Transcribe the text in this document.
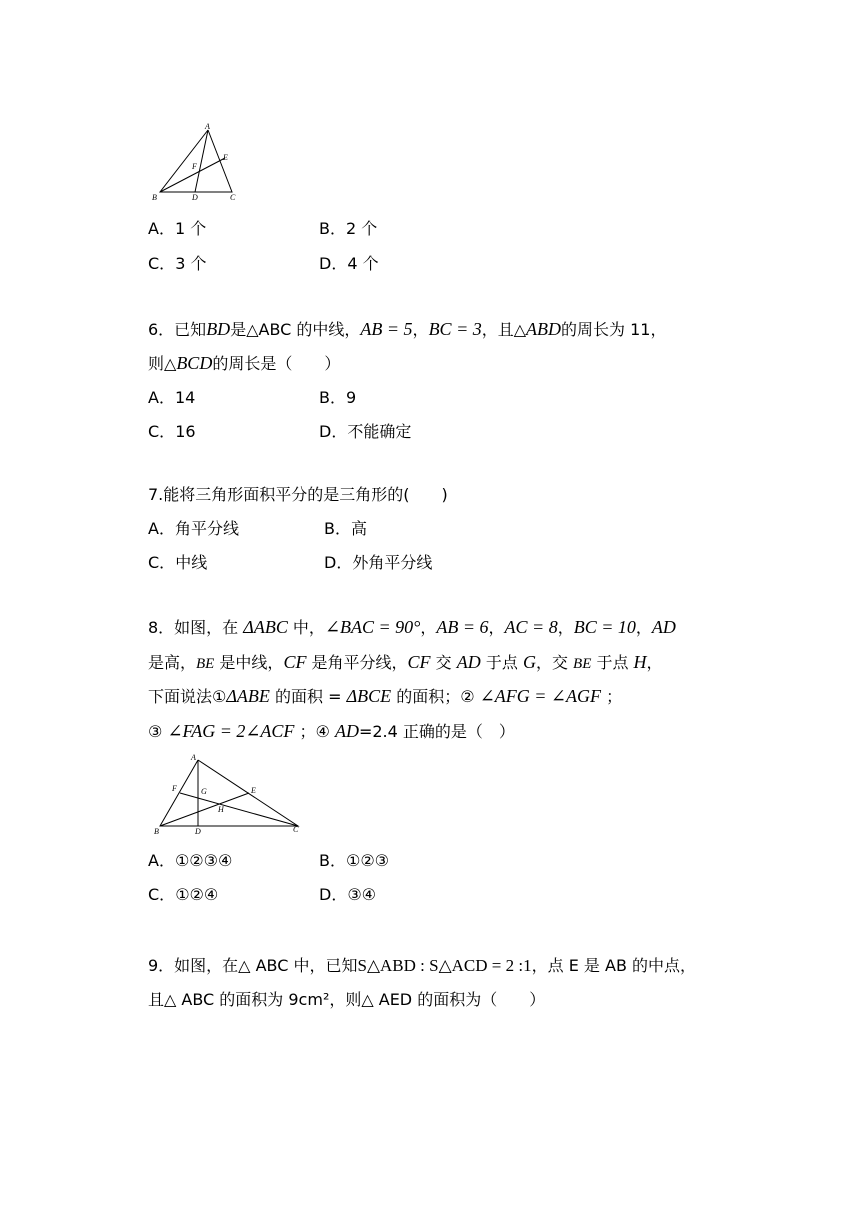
A
E
F
B	D	C
A．1 个	B．2 个
C．3 个	D．4 个
6．已知BD是△ABC 的中线，AB = 5，BC = 3，且△ABD的周长为 11，
则△BCD的周长是（　　）
A．14	B．9
C．16	D．不能确定
7.能将三角形面积平分的是三角形的(　　)
A．角平分线	B．高
C．中线	D．外角平分线
8．如图，在 ΔABC 中，∠BAC = 90°，AB = 6，AC = 8，BC = 10，AD
是高，BE 是中线，CF 是角平分线，CF 交 AD 于点 G，交 BE 于点 H，
下面说法①ΔABE 的面积 = ΔBCE 的面积；② ∠AFG = ∠AGF ；
③ ∠FAG = 2∠ACF ；④ AD=2.4 正确的是（　）
A
F	G	E
H
B	D	C
A．①②③④	B．①②③
C．①②④	D．③④
9．如图，在△ ABC 中，已知S△ABD : S△ACD = 2 :1，点 E 是 AB 的中点，
且△ ABC 的面积为 9cm²，则△ AED 的面积为（　　）
